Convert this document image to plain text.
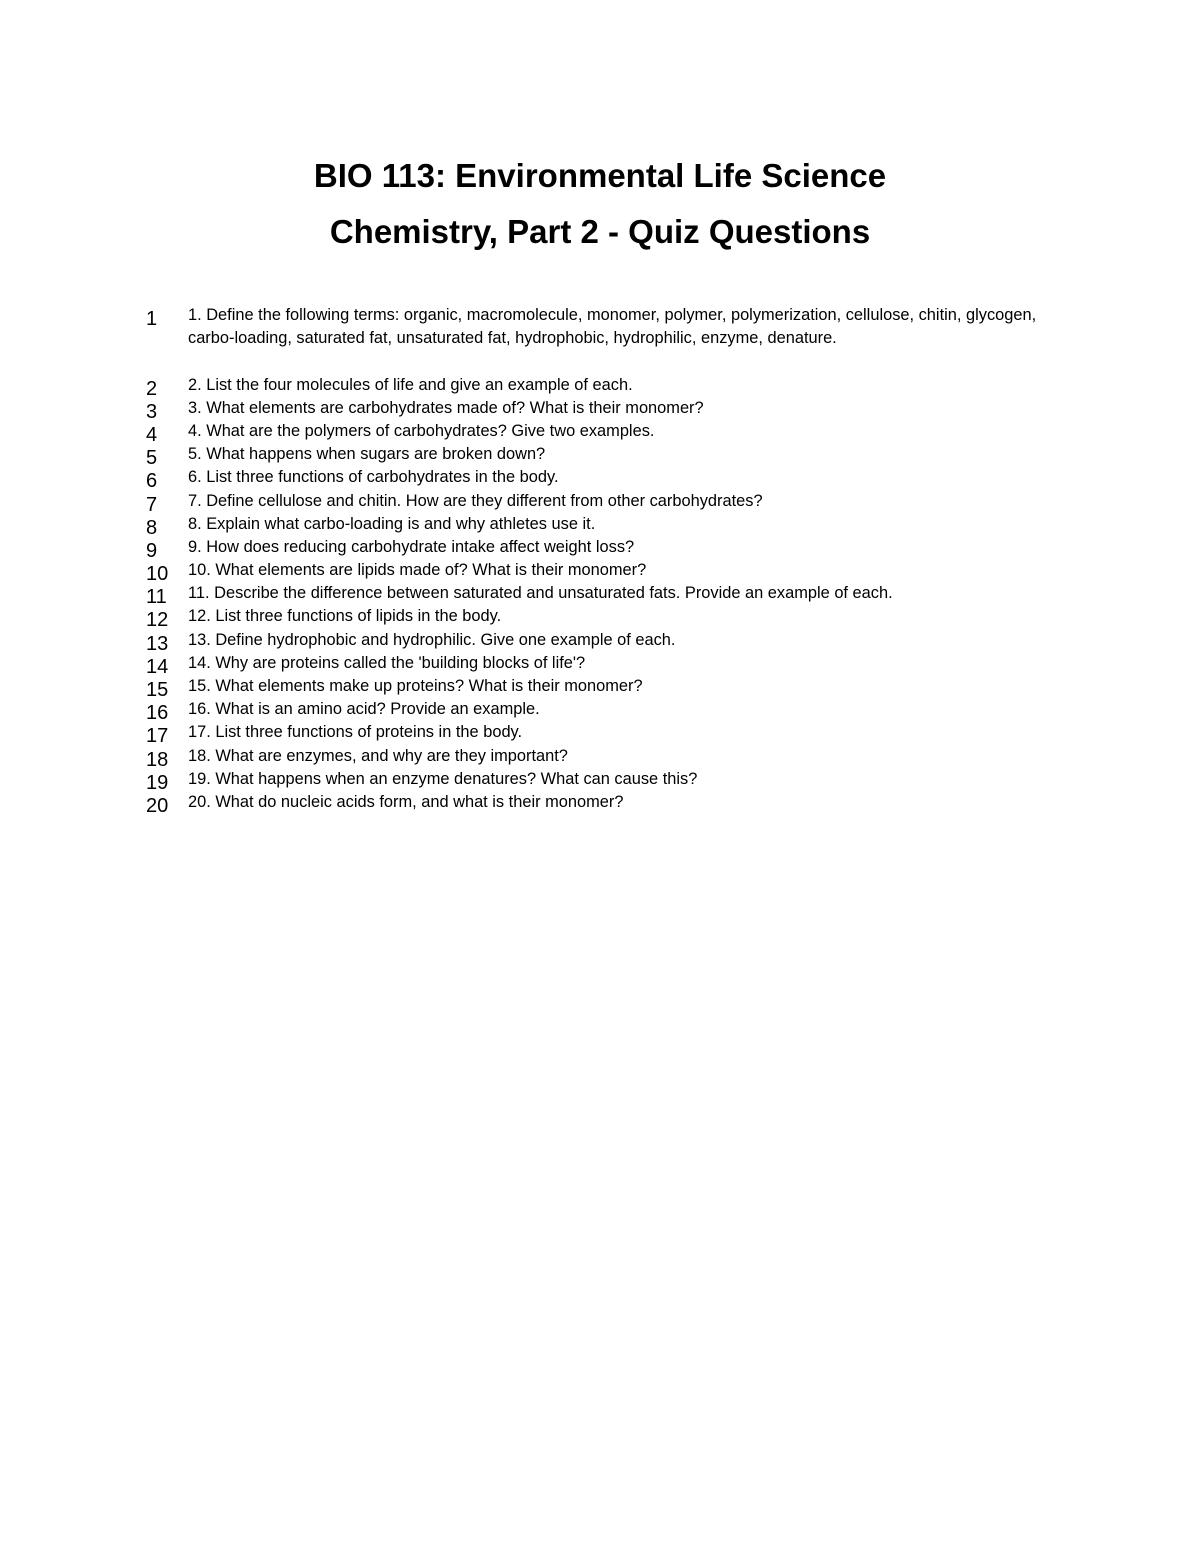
BIO 113: Environmental Life Science
Chemistry, Part 2 - Quiz Questions
1	1. Define the following terms: organic, macromolecule, monomer, polymer, polymerization, cellulose, chitin, glycogen, carbo-loading, saturated fat, unsaturated fat, hydrophobic, hydrophilic, enzyme, denature.
2	2. List the four molecules of life and give an example of each.
3	3. What elements are carbohydrates made of? What is their monomer?
4	4. What are the polymers of carbohydrates? Give two examples.
5	5. What happens when sugars are broken down?
6	6. List three functions of carbohydrates in the body.
7	7. Define cellulose and chitin. How are they different from other carbohydrates?
8	8. Explain what carbo-loading is and why athletes use it.
9	9. How does reducing carbohydrate intake affect weight loss?
10	10. What elements are lipids made of? What is their monomer?
11	11. Describe the difference between saturated and unsaturated fats. Provide an example of each.
12	12. List three functions of lipids in the body.
13	13. Define hydrophobic and hydrophilic. Give one example of each.
14	14. Why are proteins called the 'building blocks of life'?
15	15. What elements make up proteins? What is their monomer?
16	16. What is an amino acid? Provide an example.
17	17. List three functions of proteins in the body.
18	18. What are enzymes, and why are they important?
19	19. What happens when an enzyme denatures? What can cause this?
20	20. What do nucleic acids form, and what is their monomer?
